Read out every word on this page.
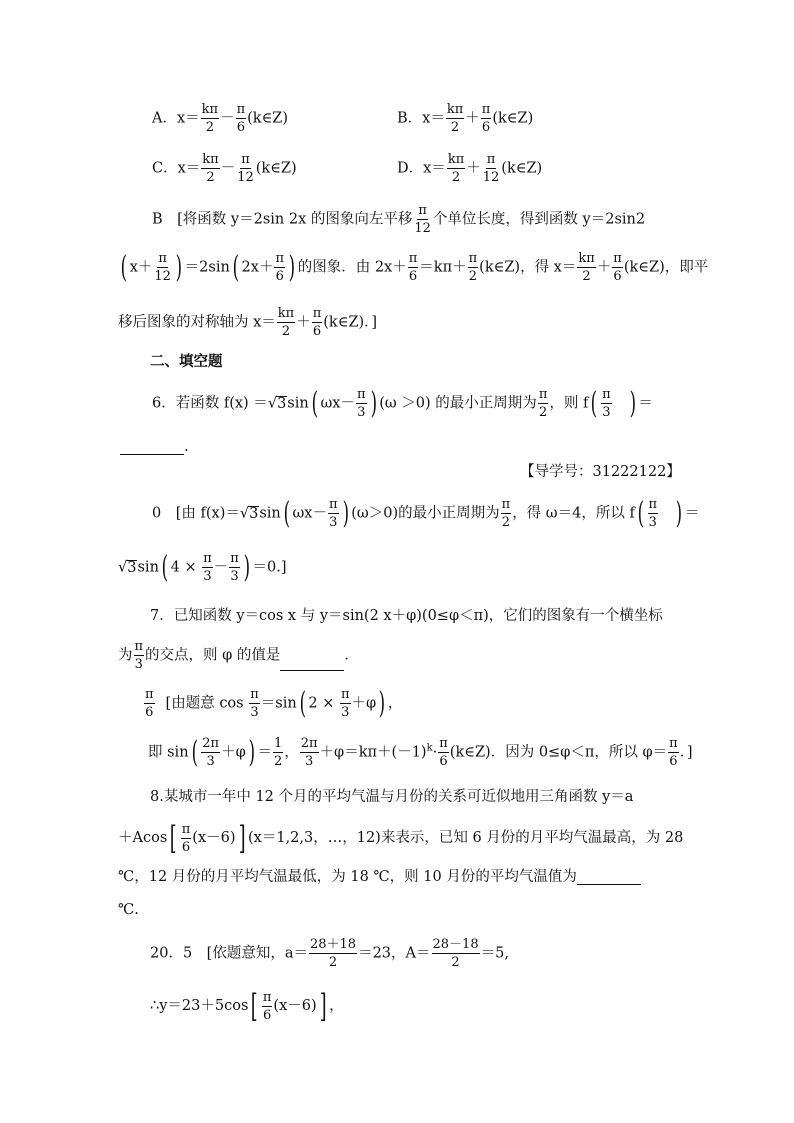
A．$x= \frac{k\pi}{2} - \frac{\pi}{6}$ (k∈Z)	B．$x= \frac{k\pi}{2} + \frac{\pi}{6}$ (k∈Z)
C．$x= \frac{k\pi}{2} - \frac{\pi}{12}$ (k∈Z)	D．$x= \frac{k\pi}{2} + \frac{\pi}{12}$ (k∈Z)
B　[将函数 y＝2sin 2x 的图象向左平移 $\frac{\pi}{12}$ 个单位长度，得到函数 y＝2sin2
( $x+ \frac{\pi}{12}$ ) ＝2sin( $2x+ \frac{\pi}{6}$ ) 的图象．由 $2x+ \frac{\pi}{6} =k\pi+ \frac{\pi}{2}$ (k∈Z)，得 $x= \frac{k\pi}{2} + \frac{\pi}{6}$ (k∈Z)，即平
移后图象的对称轴为 $x= \frac{k\pi}{2} + \frac{\pi}{6}$ (k∈Z)．]
二、填空题
6．若函数 f(x) ＝√3sin( $\omega x- \frac{\pi}{3}$ ) (ω ＞0) 的最小正周期为 $\frac{\pi}{2}$ ，则 $f( \frac{\pi}{3}$ ) ＝
.
【导学号：31222122】
0　[由 f(x)＝√3sin( $\omega x- \frac{\pi}{3}$ ) (ω＞0)的最小正周期为 $\frac{\pi}{2}$ ，得 ω＝4，所以 $f( \frac{\pi}{3}$ ) ＝
√3sin( $4 \times \frac{\pi}{3} - \frac{\pi}{3}$ ) ＝0.]
7．已知函数 y＝cos x 与 y＝sin(2 x＋φ)(0≤φ＜π)，它们的图象有一个横坐标
为 $\frac{\pi}{3}$ 的交点，则 φ 的值是	．
$\frac{\pi}{6}$ [由题意 $\cos \frac{\pi}{3} =\sin$( $2 \times \frac{\pi}{3} +\varphi$) ，
即 $\sin( \frac{2\pi}{3} +\varphi) = \frac{1}{2}$ ， $\frac{2\pi}{3} +\varphi=k\pi+(-1)^k\cdot \frac{\pi}{6}$ (k∈Z)．因为 0≤φ＜π，所以 $\varphi= \frac{\pi}{6}$ ．]
8.某城市一年中 12 个月的平均气温与月份的关系可近似地用三角函数 y＝a
$+Acos[ \frac{\pi}{6} (x-6)]$ (x＝1,2,3，…，12)来表示，已知 6 月份的月平均气温最高，为 28
℃，12 月份的月平均气温最低，为 18 ℃，则 10 月份的平均气温值为
℃.
20．5　[依题意知，$a= \frac{28+18}{2} =23$，$A= \frac{28-18}{2} =5$,
∴y＝23＋5cos[ $\frac{\pi}{6} (x-6)$] ，
